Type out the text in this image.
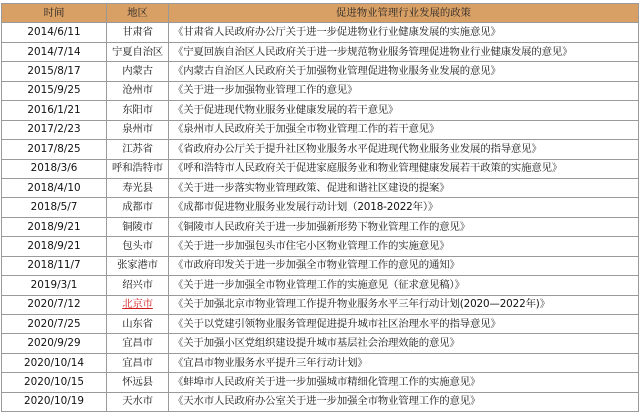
时间	地区	促进物业管理行业发展的政策
2014/6/11	甘肃省	《甘肃省人民政府办公厅关于进一步促进物业行业健康发展的实施意见》
2014/7/14	宁夏自治区	《宁夏回族自治区人民政府关于进一步规范物业服务管理促进物业行业健康发展的意见》
2015/8/17	内蒙古	《内蒙古自治区人民政府关于加强物业管理促进物业服务业发展的意见》
2015/9/25	沧州市	《关于进一步加强物业管理工作的意见》
2016/1/21	东阳市	《关于促进现代物业服务业健康发展的若干意见》
2017/2/23	泉州市	《泉州市人民政府关于加强全市物业管理工作的若干意见》
2017/8/25	江苏省	《省政府办公厅关于提升社区物业服务水平促进现代物业服务业发展的指导意见》
2018/3/6	呼和浩特市	《呼和浩特市人民政府关于促进家庭服务业和物业管理健康发展若干政策的实施意见》
2018/4/10	寿光县	《关于进一步落实物业管理政策、促进和谐社区建设的提案》
2018/5/7	成都市	《成都市促进物业服务业发展行动计划（2018-2022年）》
2018/9/21	铜陵市	《铜陵市人民政府关于进一步加强新形势下物业管理工作的意见》
2018/9/21	包头市	《关于进一步加强包头市住宅小区物业管理工作的实施意见》
2018/11/7	张家港市	《市政府印发关于进一步加强全市物业管理工作的意见的通知》
2019/3/1	绍兴市	《关于进一步加强全市物业管理工作的实施意见（征求意见稿）》
2020/7/12	北京市	《关于加强北京市物业管理工作提升物业服务水平三年行动计划(2020—2022年)》
2020/7/25	山东省	《关于以党建引领物业服务管理促进提升城市社区治理水平的指导意见》
2020/9/29	宜昌市	《关于加强小区党组织建设提升城市基层社会治理效能的意见》
2020/10/14	宜昌市	《宜昌市物业服务水平提升三年行动计划》
2020/10/15	怀远县	《蚌埠市人民政府关于进一步加强城市精细化管理工作的实施意见》
2020/10/19	天水市	《天水市人民政府办公室关于进一步加强全市物业管理工作的意见》
